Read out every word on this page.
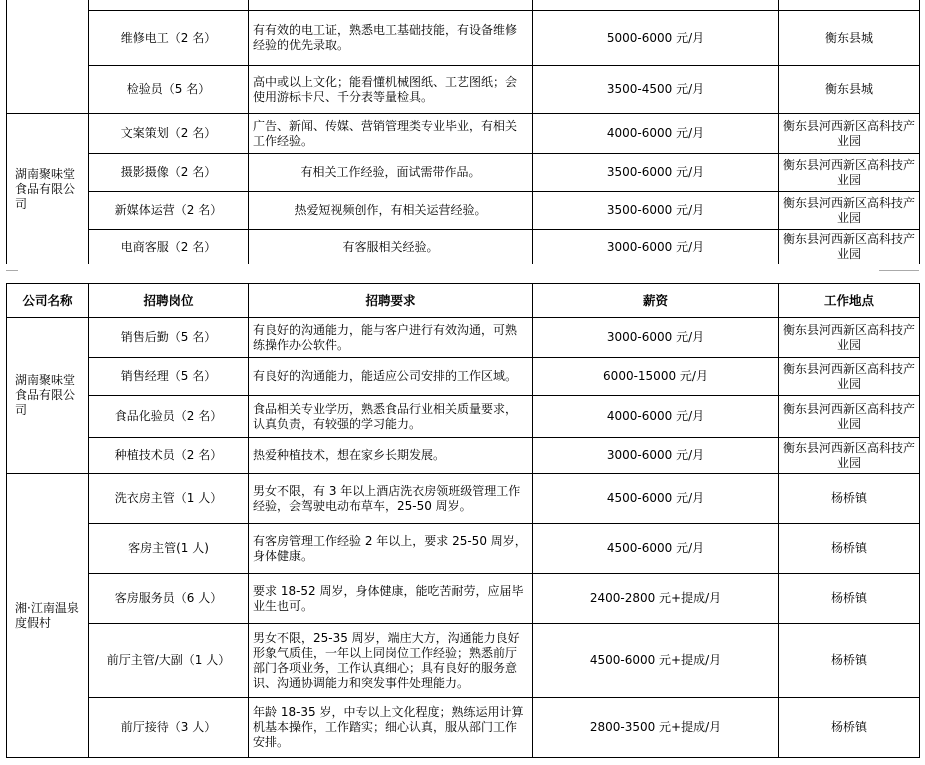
	维修电工（2 名）	有有效的电工证，熟悉电工基础技能，有设备维修经验的优先录取。	5000-6000 元/月	衡东县城
	检验员（5 名）	高中或以上文化；能看懂机械图纸、工艺图纸；会使用游标卡尺、千分表等量检具。	3500-4500 元/月	衡东县城
湖南聚味堂食品有限公司	文案策划（2 名）	广告、新闻、传媒、营销管理类专业毕业，有相关工作经验。	4000-6000 元/月	衡东县河西新区高科技产业园
	摄影摄像（2 名）	有相关工作经验，面试需带作品。	3500-6000 元/月	衡东县河西新区高科技产业园
	新媒体运营（2 名）	热爱短视频创作，有相关运营经验。	3500-6000 元/月	衡东县河西新区高科技产业园
	电商客服（2 名）	有客服相关经验。	3000-6000 元/月	衡东县河西新区高科技产业园
公司名称	招聘岗位	招聘要求	薪资	工作地点
湖南聚味堂食品有限公司	销售后勤（5 名）	有良好的沟通能力，能与客户进行有效沟通，可熟练操作办公软件。	3000-6000 元/月	衡东县河西新区高科技产业园
	销售经理（5 名）	有良好的沟通能力，能适应公司安排的工作区域。	6000-15000 元/月	衡东县河西新区高科技产业园
	食品化验员（2 名）	食品相关专业学历，熟悉食品行业相关质量要求，认真负责，有较强的学习能力。	4000-6000 元/月	衡东县河西新区高科技产业园
	种植技术员（2 名）	热爱种植技术，想在家乡长期发展。	3000-6000 元/月	衡东县河西新区高科技产业园
湘·江南温泉度假村	洗衣房主管（1 人）	男女不限，有 3 年以上酒店洗衣房领班级管理工作经验，会驾驶电动布草车，25-50 周岁。	4500-6000 元/月	杨桥镇
	客房主管(1 人)	有客房管理工作经验 2 年以上，要求 25-50 周岁，身体健康。	4500-6000 元/月	杨桥镇
	客房服务员（6 人）	要求 18-52 周岁，身体健康，能吃苦耐劳，应届毕业生也可。	2400-2800 元+提成/月	杨桥镇
	前厅主管/大副（1 人）	男女不限，25-35 周岁，端庄大方，沟通能力良好形象气质佳，一年以上同岗位工作经验；熟悉前厅部门各项业务，工作认真细心；具有良好的服务意识、沟通协调能力和突发事件处理能力。	4500-6000 元+提成/月	杨桥镇
	前厅接待（3 人）	年龄 18-35 岁，中专以上文化程度；熟练运用计算机基本操作，工作踏实；细心认真，服从部门工作安排。	2800-3500 元+提成/月	杨桥镇
